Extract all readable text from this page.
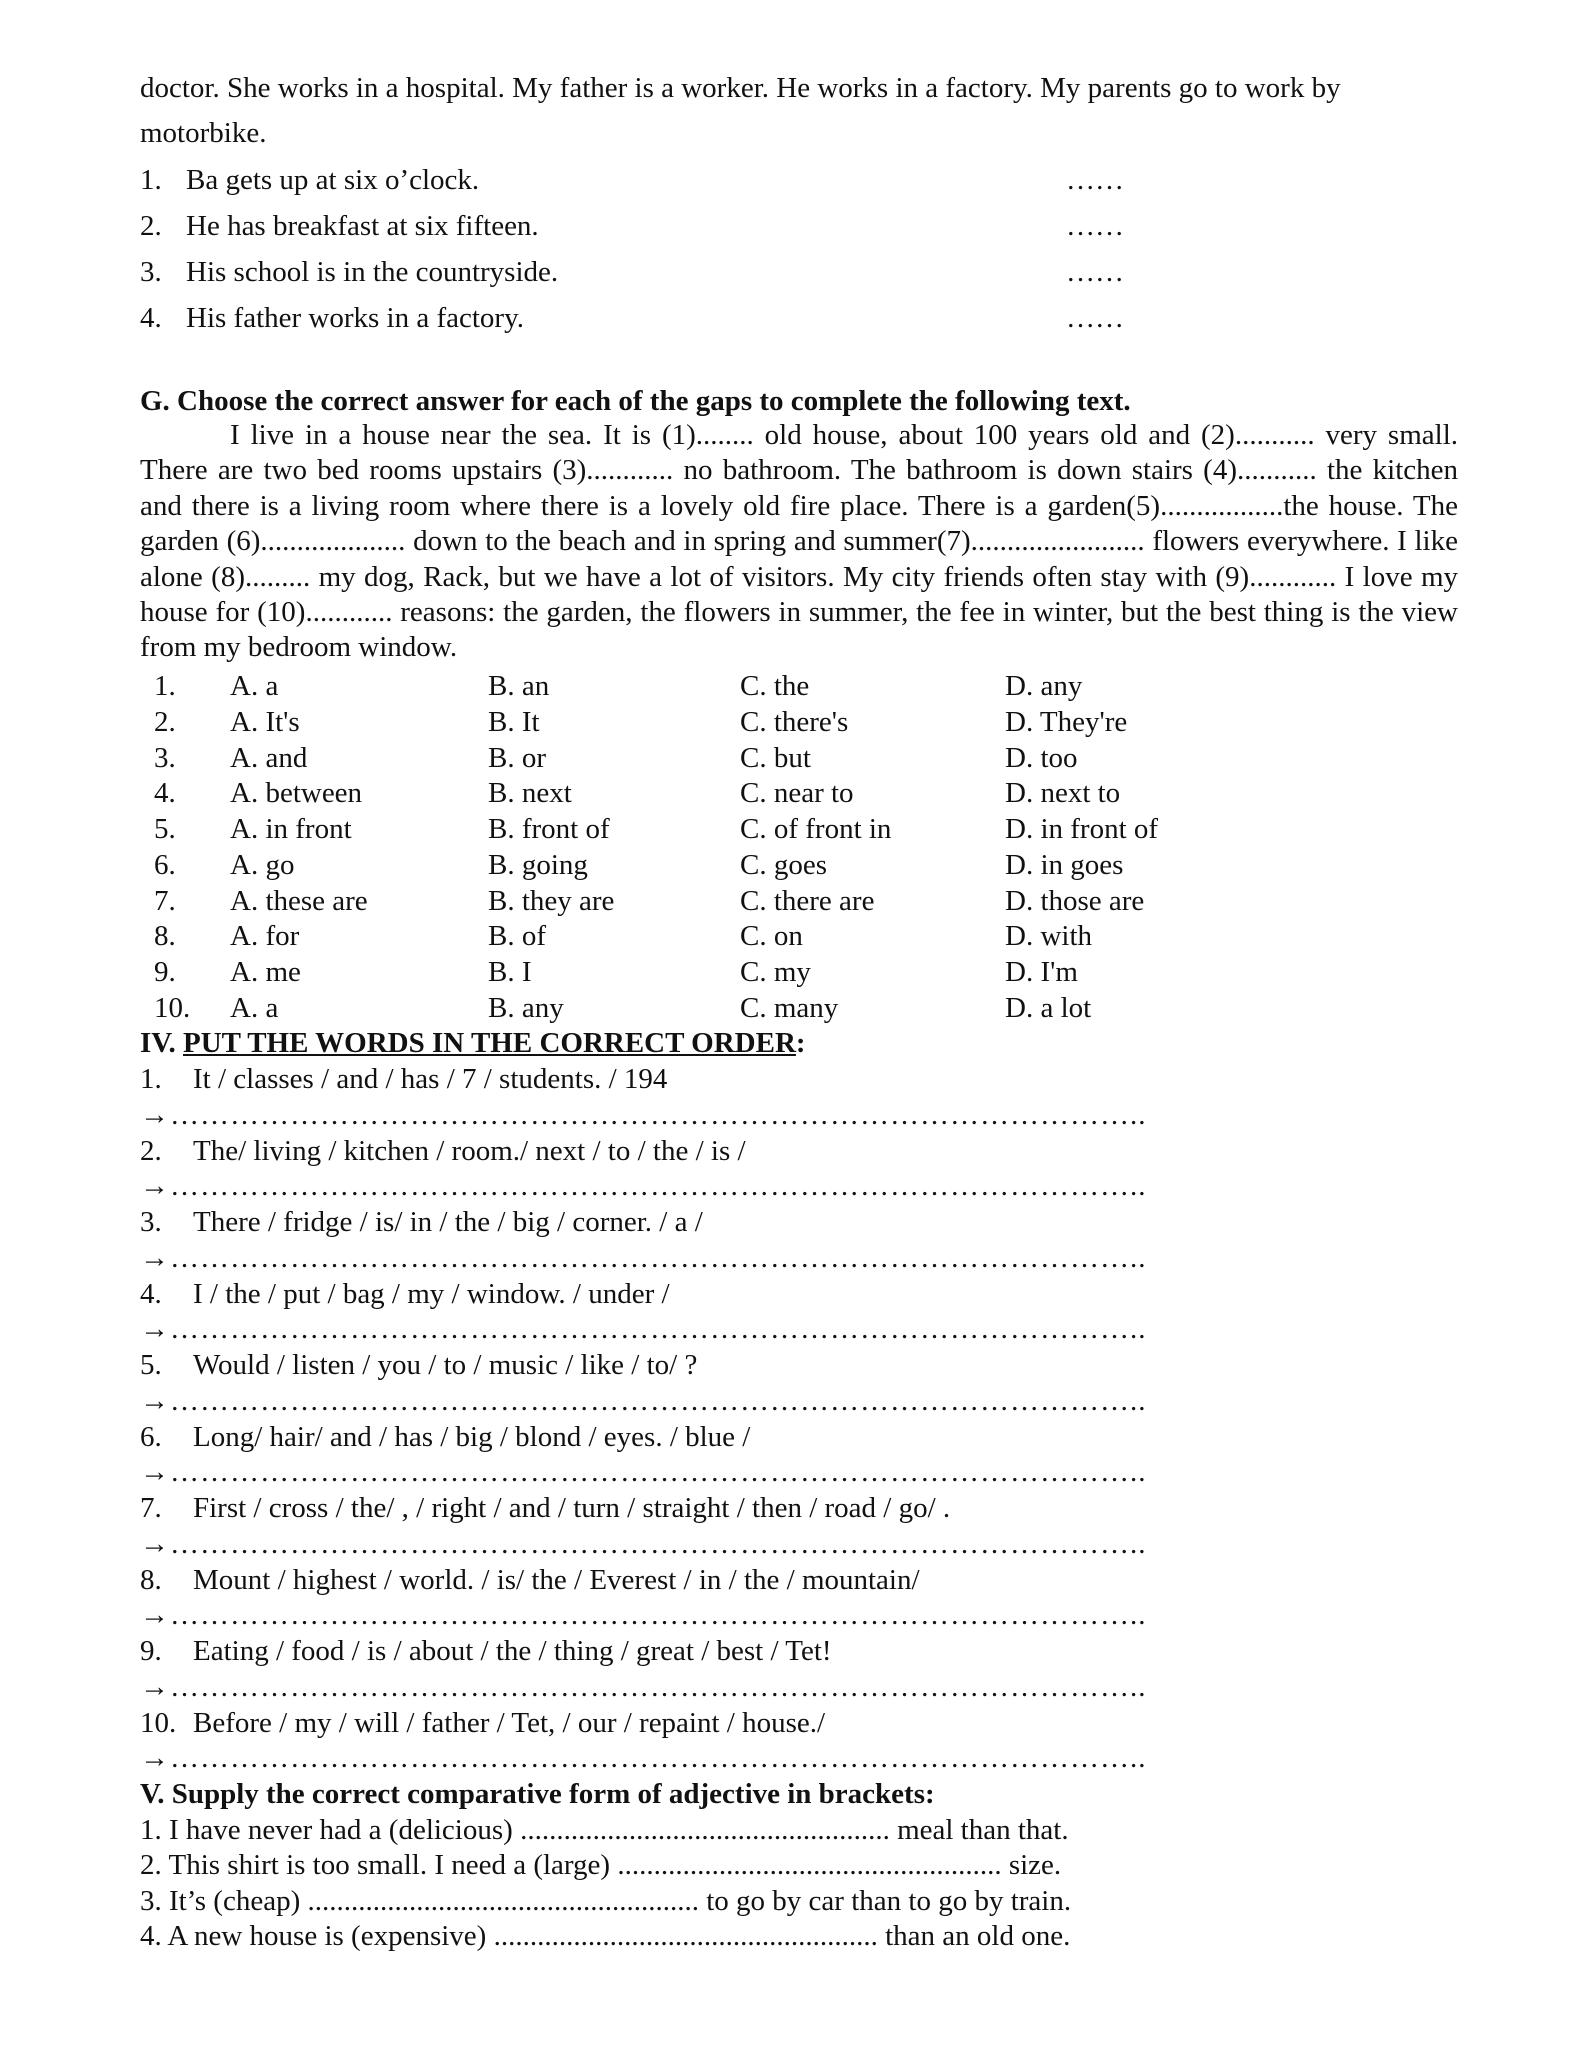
doctor. She works in a hospital. My father is a worker. He works in a factory. My parents go to work by
motorbike.
1. Ba gets up at six o’clock.	……
2. He has breakfast at six fifteen.	……
3. His school is in the countryside.	……
4. His father works in a factory.	……
G. Choose the correct answer for each of the gaps to complete the following text.
I live in a house near the sea. It is (1)........ old house, about 100 years old and (2)........... very small. There are two bed rooms upstairs (3)............ no bathroom. The bathroom is down stairs (4)........... the kitchen and there is a living room where there is a lovely old fire place. There is a garden(5).................the house. The garden (6).................... down to the beach and in spring and summer(7)........................ flowers everywhere. I like alone (8)......... my dog, Rack, but we have a lot of visitors. My city friends often stay with (9)............ I love my house for (10)............ reasons: the garden, the flowers in summer, the fee in winter, but the best thing is the view from my bedroom window.
1. A. a	B. an	C. the	D. any
2. A. It's	B. It	C. there's	D. They're
3. A. and	B. or	C. but	D. too
4. A. between	B. next	C. near to	D. next to
5. A. in front	B. front of	C. of front in	D. in front of
6. A. go	B. going	C. goes	D. in goes
7. A. these are	B. they are	C. there are	D. those are
8. A. for	B. of	C. on	D. with
9. A. me	B. I	C. my	D. I'm
10. A. a	B. any	C. many	D. a lot
IV. PUT THE WORDS IN THE CORRECT ORDER:
1. It / classes / and / has / 7 / students. / 194
→……………………………………………………………………………………..
2. The/ living / kitchen / room./ next / to / the / is /
→……………………………………………………………………………………..
3. There / fridge / is/ in / the / big / corner. / a /
→……………………………………………………………………………………..
4. I / the / put / bag / my / window. / under /
→……………………………………………………………………………………..
5. Would / listen / you / to / music / like / to/ ?
→……………………………………………………………………………………..
6. Long/ hair/ and / has / big / blond / eyes. / blue /
→……………………………………………………………………………………..
7. First / cross / the/ , / right / and / turn / straight / then / road / go/ .
→……………………………………………………………………………………..
8. Mount / highest / world. / is/ the / Everest / in / the / mountain/
→……………………………………………………………………………………..
9. Eating / food / is / about / the / thing / great / best / Tet!
→……………………………………………………………………………………..
10. Before / my / will / father / Tet, / our / repaint / house./
→……………………………………………………………………………………..
V. Supply the correct comparative form of adjective in brackets:
1. I have never had a (delicious) ................................................... meal than that.
2. This shirt is too small. I need a (large) ..................................................... size.
3. It’s (cheap) ...................................................... to go by car than to go by train.
4. A new house is (expensive) ..................................................... than an old one.
